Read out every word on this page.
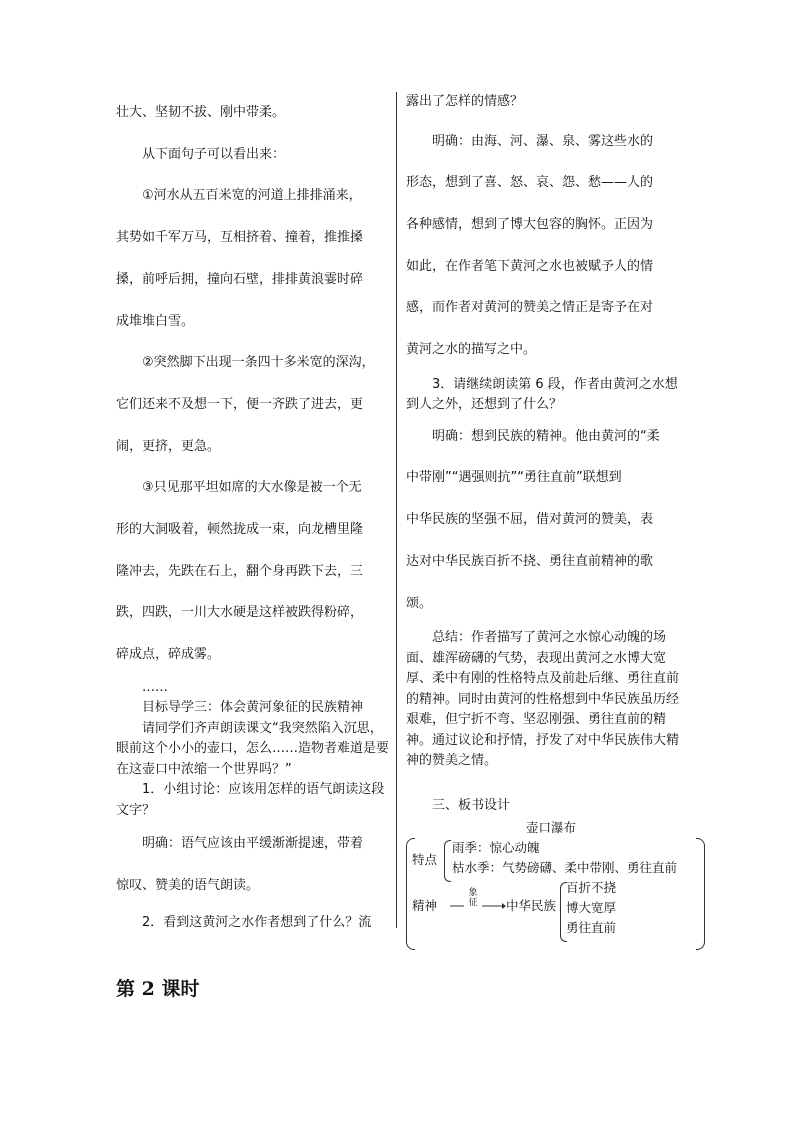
壮大、坚韧不拔、刚中带柔。

从下面句子可以看出来：

①河水从五百米宽的河道上排排涌来，

其势如千军万马，互相挤着、撞着，推推搡

搡，前呼后拥，撞向石壁，排排黄浪霎时碎

成堆堆白雪。

②突然脚下出现一条四十多米宽的深沟，

它们还来不及想一下，便一齐跌了进去，更

闹，更挤，更急。

③只见那平坦如席的大水像是被一个无

形的大洞吸着，顿然拢成一束，向龙槽里隆

隆冲去，先跌在石上，翻个身再跌下去，三

跌，四跌，一川大水硬是这样被跌得粉碎，

碎成点，碎成雾。

……

目标导学三：体会黄河象征的民族精神

请同学们齐声朗读课文“我突然陷入沉思，眼前这个小小的壶口，怎么……造物者难道是要在这壶口中浓缩一个世界吗？”

1．小组讨论：应该用怎样的语气朗读这段文字？

明确：语气应该由平缓渐渐提速，带着

惊叹、赞美的语气朗读。

2．看到这黄河之水作者想到了什么？流

露出了怎样的情感？

明确：由海、河、瀑、泉、雾这些水的

形态，想到了喜、怒、哀、怨、愁——人的

各种感情，想到了博大包容的胸怀。正因为

如此，在作者笔下黄河之水也被赋予人的情

感，而作者对黄河的赞美之情正是寄予在对

黄河之水的描写之中。

3．请继续朗读第 6 段，作者由黄河之水想到人之外，还想到了什么？

明确：想到民族的精神。他由黄河的“柔

中带刚”“遇强则抗”“勇往直前”联想到

中华民族的坚强不屈，借对黄河的赞美，表

达对中华民族百折不挠、勇往直前精神的歌

颂。

总结：作者描写了黄河之水惊心动魄的场面、雄浑磅礴的气势，表现出黄河之水博大宽厚、柔中有刚的性格特点及前赴后继、勇往直前的精神。同时由黄河的性格想到中华民族虽历经艰难，但宁折不弯、坚忍刚强、勇往直前的精神。通过议论和抒情，抒发了对中华民族伟大精神的赞美之情。

三、板书设计

壶口瀑布
特点
雨季：惊心动魄
枯水季：气势磅礴、柔中带刚、勇往直前
精神
象征 中华民族
百折不挠
博大宽厚
勇往直前

第 2 课时
